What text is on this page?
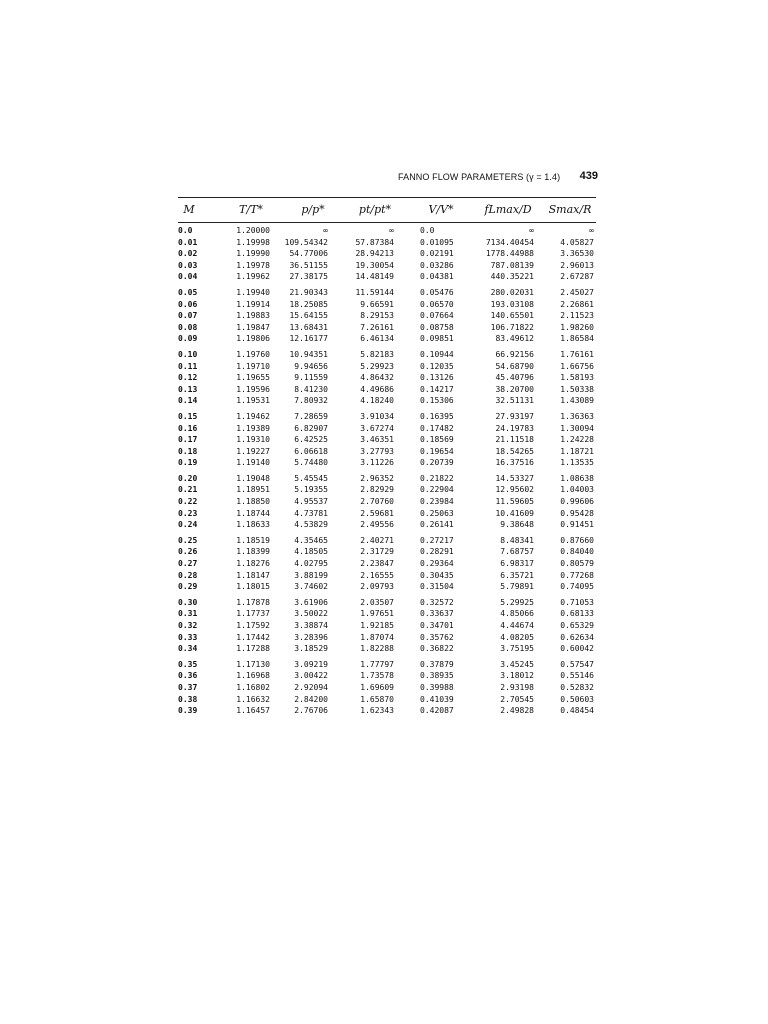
FANNO FLOW PARAMETERS (γ = 1.4) 439
M	T/T*	p/p*	pt/pt*	V/V*	fLmax/D	Smax/R
0.0	1.20000	∞	∞	0.0	∞	∞
0.01	1.19998	109.54342	57.87384	0.01095	7134.40454	4.05827
0.02	1.19990	54.77006	28.94213	0.02191	1778.44988	3.36530
0.03	1.19978	36.51155	19.30054	0.03286	787.08139	2.96013
0.04	1.19962	27.38175	14.48149	0.04381	440.35221	2.67287
0.05	1.19940	21.90343	11.59144	0.05476	280.02031	2.45027
0.06	1.19914	18.25085	9.66591	0.06570	193.03108	2.26861
0.07	1.19883	15.64155	8.29153	0.07664	140.65501	2.11523
0.08	1.19847	13.68431	7.26161	0.08758	106.71822	1.98260
0.09	1.19806	12.16177	6.46134	0.09851	83.49612	1.86584
0.10	1.19760	10.94351	5.82183	0.10944	66.92156	1.76161
0.11	1.19710	9.94656	5.29923	0.12035	54.68790	1.66756
0.12	1.19655	9.11559	4.86432	0.13126	45.40796	1.58193
0.13	1.19596	8.41230	4.49686	0.14217	38.20700	1.50338
0.14	1.19531	7.80932	4.18240	0.15306	32.51131	1.43089
0.15	1.19462	7.28659	3.91034	0.16395	27.93197	1.36363
0.16	1.19389	6.82907	3.67274	0.17482	24.19783	1.30094
0.17	1.19310	6.42525	3.46351	0.18569	21.11518	1.24228
0.18	1.19227	6.06618	3.27793	0.19654	18.54265	1.18721
0.19	1.19140	5.74480	3.11226	0.20739	16.37516	1.13535
0.20	1.19048	5.45545	2.96352	0.21822	14.53327	1.08638
0.21	1.18951	5.19355	2.82929	0.22904	12.95602	1.04003
0.22	1.18850	4.95537	2.70760	0.23984	11.59605	0.99606
0.23	1.18744	4.73781	2.59681	0.25063	10.41609	0.95428
0.24	1.18633	4.53829	2.49556	0.26141	9.38648	0.91451
0.25	1.18519	4.35465	2.40271	0.27217	8.48341	0.87660
0.26	1.18399	4.18505	2.31729	0.28291	7.68757	0.84040
0.27	1.18276	4.02795	2.23847	0.29364	6.98317	0.80579
0.28	1.18147	3.88199	2.16555	0.30435	6.35721	0.77268
0.29	1.18015	3.74602	2.09793	0.31504	5.79891	0.74095
0.30	1.17878	3.61906	2.03507	0.32572	5.29925	0.71053
0.31	1.17737	3.50022	1.97651	0.33637	4.85066	0.68133
0.32	1.17592	3.38874	1.92185	0.34701	4.44674	0.65329
0.33	1.17442	3.28396	1.87074	0.35762	4.08205	0.62634
0.34	1.17288	3.18529	1.82288	0.36822	3.75195	0.60042
0.35	1.17130	3.09219	1.77797	0.37879	3.45245	0.57547
0.36	1.16968	3.00422	1.73578	0.38935	3.18012	0.55146
0.37	1.16802	2.92094	1.69609	0.39988	2.93198	0.52832
0.38	1.16632	2.84200	1.65870	0.41039	2.70545	0.50603
0.39	1.16457	2.76706	1.62343	0.42087	2.49828	0.48454
